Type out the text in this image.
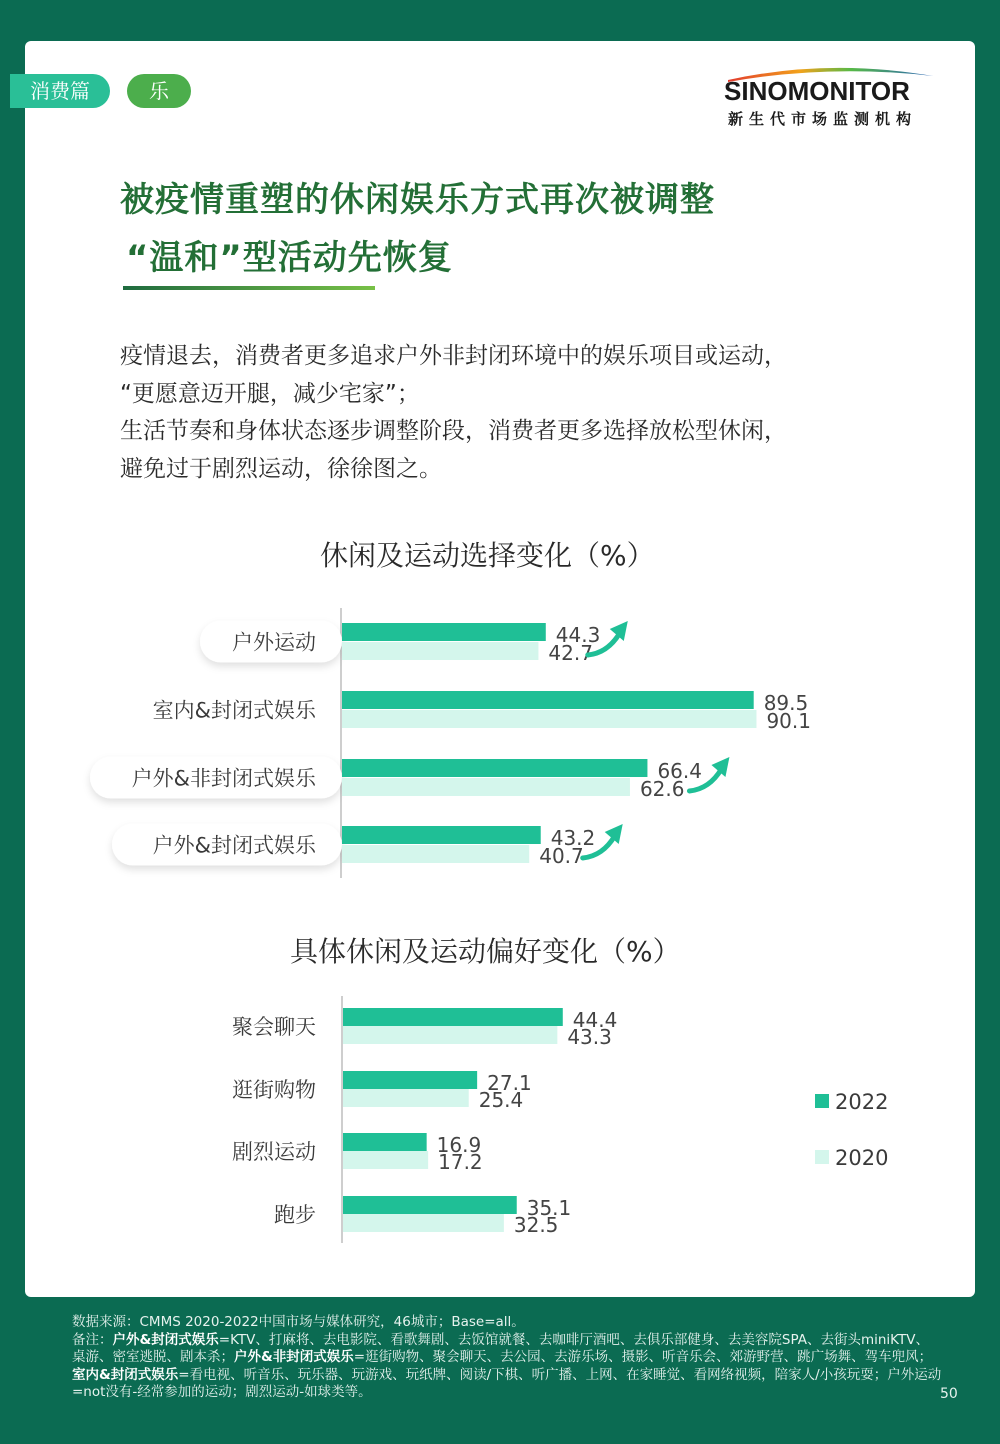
消费篇	乐	SINOMONITOR
新生代市场监测机构
被疫情重塑的休闲娱乐方式再次被调整
“温和”型活动先恢复
疫情退去，消费者更多追求户外非封闭环境中的娱乐项目或运动，
“更愿意迈开腿，减少宅家”；
生活节奏和身体状态逐步调整阶段，消费者更多选择放松型休闲，
避免过于剧烈运动，徐徐图之。
休闲及运动选择变化（%）
具体休闲及运动偏好变化（%）
户外运动	44.3
42.7
室内&封闭式娱乐	89.5
90.1
户外&非封闭式娱乐	66.4
62.6
户外&封闭式娱乐	43.2
40.7
聚会聊天	44.4
43.3
逛街购物	27.1
25.4
剧烈运动	16.9
17.2
跑步	35.1
32.5
2022
2020
数据来源：CMMS 2020-2022中国市场与媒体研究，46城市；Base=all。
备注：户外&封闭式娱乐=KTV、打麻将、去电影院、看歌舞剧、去饭馆就餐、去咖啡厅酒吧、去俱乐部健身、去美容院SPA、去街头miniKTV、桌游、密室逃脱、剧本杀；户外&非封闭式娱乐=逛街购物、聚会聊天、去公园、去游乐场、摄影、听音乐会、郊游野营、跳广场舞、驾车兜风；室内&封闭式娱乐=看电视、听音乐、玩乐器、玩游戏、玩纸牌、阅读/下棋、听广播、上网、在家睡觉、看网络视频，陪家人/小孩玩耍；户外运动=not没有-经常参加的运动；剧烈运动-如球类等。	50
